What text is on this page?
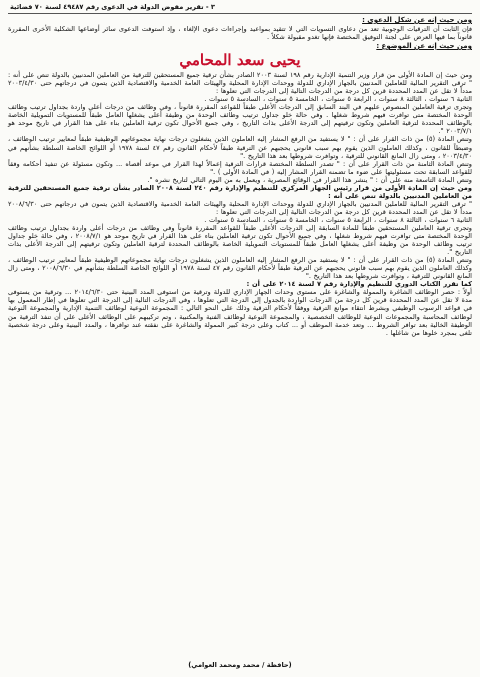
٣ - تقرير مفوض الدولة في الدعوى رقم ٤٩٤٨٧ لسنة ٧٠ قضائية
ومن حيث إنه عن شكل الدعوى :
فإن الثابت أن الترقيات الوجوبية تعد من دعاوى التسويات التي لا تتقيد بمواعيد وإجراءات دعوى الإلغاء ، وإذ استوفت الدعوى سائر أوضاعها الشكلية الأخرى المقررة قانوناً بما فيها العرض على لجنة التوفيق المختصة فإنها تغدو مقبولة شكلاً .
ومن حيث إنه عن الموضوع :
يحيى سعد المحامي
ومن حيث إن المادة الأولى من قرار وزير التنمية الإدارية رقم ١٩٨ لسنة ٢٠٠٣ الصادر بشأن ترقية جميع المستحقين للترقية من العاملين المدنيين بالدولة تنص على أنه : " ترقى التقرير المالية للعاملين المدنيين بالجهاز الإداري للدولة ووحدات الإدارة المحلية والهيئات العامة الخدمية والاقتصادية الذين يتمون في درجاتهم حتى ٢٠٠٣/٤/٣٠ مدداً لا تقل عن المدد المحددة قرين كل درجة من الدرجات التالية إلى الدرجات التي تعلوها :
الثانية ٦ سنوات ، الثالثة ٨ سنوات ، الرابعة ٥ سنوات ، الخامسة ٥ سنوات ، السادسة ٥ سنوات .
وتجرى ترقية العاملين المنصوص عليهم في البند السابق إلى الدرجات الأعلى طبقاً للقواعد المقررة قانوناً ، وفي وظائف من درجات أعلى واردة بجداول ترتيب وظائف الوحدة المختصة متى توافرت فيهم شروط شغلها . وفي حالة خلو جداول ترتيب وظائف الوحدة من وظيفة أعلى يشغلها العامل طبقاً للمستويات التمويلية الخاصة بالوظائف المحددة لترقية العاملين وتكون ترقيتهم إلى الدرجة الأعلى بذات التاريخ ، وفي جميع الأحوال تكون ترقية العاملين بناء على هذا القرار في تاريخ موحد هو ٢٠٠٣/٧/١ ".
وتنص المادة (٥) من ذات القرار على أن : " لا يستفيد من الرفع المشار إليه العاملون الذين يشغلون درجات نهاية مجموعاتهم الوظيفية طبقاً لمعايير ترتيب الوظائف ، وضبطاً للقانون ، وكذلك العاملون الذين يقوم بهم سبب قانوني يحجبهم عن الترقية طبقاً لأحكام القانون رقم ٤٧ لسنة ١٩٧٨ أو اللوائح الخاصة السلطة بشأنهم في ٢٠٠٣/٤/٣٠ ، ومتى زال المانع القانوني للترقية ، وتوافرت شروطها بعد هذا التاريخ ."
وتنص المادة الثامنة من ذات القرار على أن : " تصدر السلطة المختصة قرارات الترقية إعمالاً لهذا القرار في موعد أقصاه ... وتكون مسئولة عن تنفيذ أحكامه وفقاً للقواعد السابقة تحت مسئوليتها على ضوء ما تضمنه القرار المشار إليه ( في المادة الأولى ) ."
وتنص المادة التاسعة منه على أن : " ينشر هذا القرار في الوقائع المصرية ، ويعمل به من اليوم التالي لتاريخ نشره ".
ومن حيث إن المادة الأولى من قرار رئيس الجهاز المركزي للتنظيم والإدارة رقم ٢٤٠ لسنة ٢٠٠٨ الصادر بشأن ترقية جميع المستحقين للترقية من العاملين المدنيين بالدولة تنص على أنه :
" ترقى التقرير المالية للعاملين المدنيين بالجهاز الإداري للدولة ووحدات الإدارة المحلية والهيئات العامة الخدمية والاقتصادية الذين يتمون في درجاتهم حتى ٢٠٠٨/٦/٣٠ مدداً لا تقل عن المدد المحددة قرين كل درجة من الدرجات التالية إلى الدرجات التي تعلوها :
الثانية ٦ سنوات ، الثالثة ٨ سنوات ، الرابعة ٥ سنوات ، الخامسة ٥ سنوات ، السادسة ٥ سنوات .
وتجرى ترقية العاملين المستحقين طبقاً للمادة السابقة إلى الدرجات الأعلى طبقاً للقواعد المقررة قانوناً وفي وظائف من درجات أعلى واردة بجداول ترتيب وظائف الوحدة المختصة متى توافرت فيهم شروط شغلها ، وفي جميع الأحوال تكون ترقية العاملين بناء على هذا القرار في تاريخ موحد هو ٢٠٠٨/٧/١ ، وفي حالة خلو جداول ترتيب وظائف الوحدة من وظيفة أعلى يشغلها العامل طبقاً للمستويات التمويلية الخاصة بالوظائف المحددة لترقية العاملين وتكون ترقيتهم إلى الدرجة الأعلى بذات التاريخ ".
وتنص المادة (٥) من ذات القرار على أن : " لا يستفيد من الرفع المشار إليه العاملون الذين يشغلون درجات نهاية مجموعاتهم الوظيفية طبقاً لمعايير ترتيب الوظائف ، وكذلك العاملون الذين يقوم بهم سبب قانوني يحجبهم عن الترقية طبقاً لأحكام القانون رقم ٤٧ لسنة ١٩٧٨ أو اللوائح الخاصة السلطة بشأنهم في ٢٠٠٨/٦/٣٠ ، ومتى زال المانع القانوني للترقية ، وتوافرت شروطها بعد هذا التاريخ ."
كما تقرر الكتاب الدوري للتنظيم والإدارة رقم ٧ لسنة ٢٠١٤ على أن :
أولاً : حصر الوظائف الشاغرة والممولة والشاغرة على مستوى وحدات الجهاز الإداري للدولة وترقية من استوفى المدد البينية حتى ٢٠١٤/٦/٣٠ ... وترقية من يستوفى مدة لا تقل عن المدد المحددة قرين كل درجة من الدرجات الواردة بالجدول إلى الدرجة التي تعلوها ، وفي الدرجات التالية إلى الدرجة التي تعلوها في إطار المعمول بها في قواعد الرسوب الوظيفي وبشرط انتقاء موانع الترقية ووفقاً لأحكام الترقية وذلك على النحو التالي : المجموعة النوعية لوظائف التنمية الإدارية والمجموعة النوعية لوظائف المحاسبة والمجموعات النوعية للوظائف التخصصية ، والمجموعة النوعية لوظائف الفنية والمكتبية ، وتم تركيبهم على الوظائف الأعلى على أن تنفذ الترقية من الوظيفة الخالية بعد توافر الشروط ... وتعد خدمة الموظف أو ... كتاب وعلى درجة كبير الممولة والشاغرة على نفقته عند توافرها ، والمدد البينية وعلى درجة شخصية تلغى بمجرد خلوها من شاغلها .
(حافظة / محمد ومحمد العوامي)
